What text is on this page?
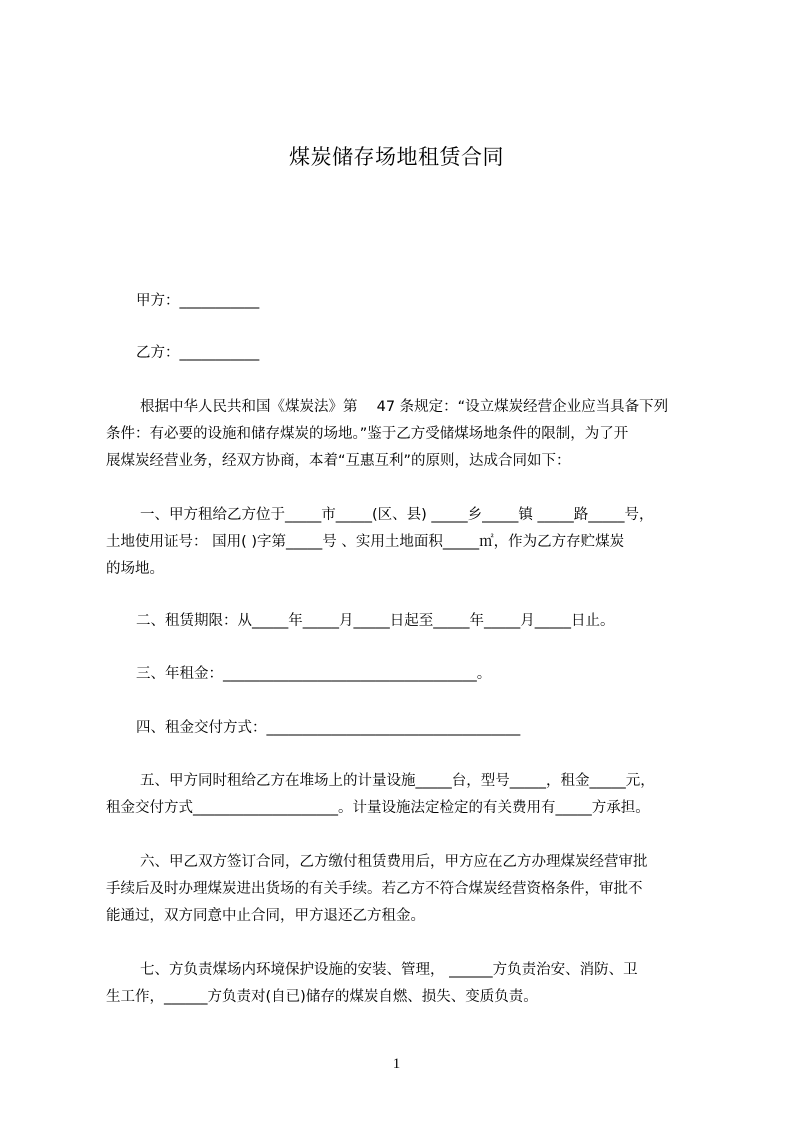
煤炭储存场地租赁合同
甲方：___________
乙方：___________
根据中华人民共和国《煤炭法》第　 47 条规定：“设立煤炭经营企业应当具备下列
条件：有必要的设施和储存煤炭的场地。”鉴于乙方受储煤场地条件的限制，为了开
展煤炭经营业务，经双方协商，本着“互惠互利”的原则，达成合同如下：
一、甲方租给乙方位于_____市_____(区、县) _____乡_____镇 _____路_____号，
土地使用证号： 国用( )字第_____号 、实用土地面积_____㎡，作为乙方存贮煤炭
的场地。
二、租赁期限：从_____年_____月_____日起至_____年_____月_____日止。
三、年租金：___________________________________。
四、租金交付方式：___________________________________
五、甲方同时租给乙方在堆场上的计量设施_____台，型号_____，租金_____元，
租金交付方式____________________。计量设施法定检定的有关费用有_____方承担。
六、甲乙双方签订合同，乙方缴付租赁费用后，甲方应在乙方办理煤炭经营审批
手续后及时办理煤炭进出货场的有关手续。若乙方不符合煤炭经营资格条件，审批不
能通过，双方同意中止合同，甲方退还乙方租金。
七、方负责煤场内环境保护设施的安装、管理， ______方负责治安、消防、卫
生工作，______方负责对(自已)储存的煤炭自燃、损失、变质负责。
1
